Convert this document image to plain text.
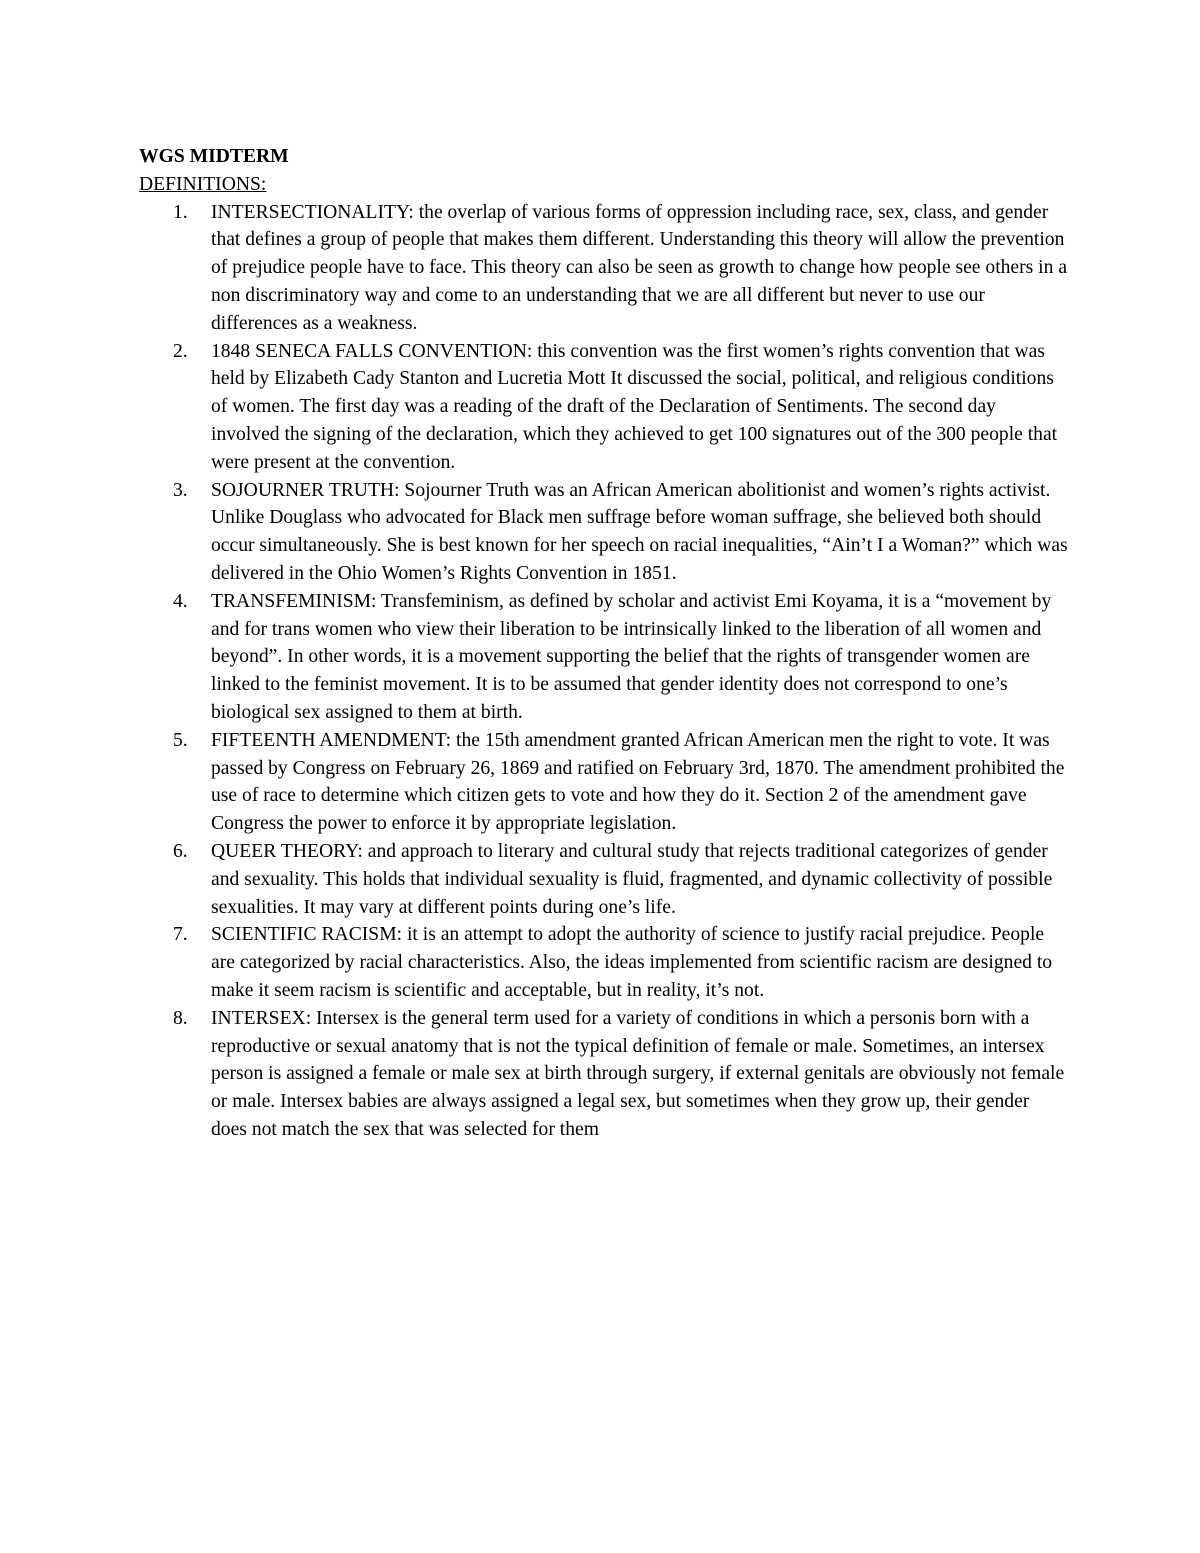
WGS MIDTERM
DEFINITIONS:
1. INTERSECTIONALITY: the overlap of various forms of oppression including race, sex, class, and gender that defines a group of people that makes them different. Understanding this theory will allow the prevention of prejudice people have to face. This theory can also be seen as growth to change how people see others in a non discriminatory way and come to an understanding that we are all different but never to use our differences as a weakness.
2. 1848 SENECA FALLS CONVENTION: this convention was the first women’s rights convention that was held by Elizabeth Cady Stanton and Lucretia Mott It discussed the social, political, and religious conditions of women. The first day was a reading of the draft of the Declaration of Sentiments. The second day involved the signing of the declaration, which they achieved to get 100 signatures out of the 300 people that were present at the convention.
3. SOJOURNER TRUTH: Sojourner Truth was an African American abolitionist and women’s rights activist. Unlike Douglass who advocated for Black men suffrage before woman suffrage, she believed both should occur simultaneously. She is best known for her speech on racial inequalities, “Ain’t I a Woman?” which was delivered in the Ohio Women’s Rights Convention in 1851.
4. TRANSFEMINISM: Transfeminism, as defined by scholar and activist Emi Koyama, it is a “movement by and for trans women who view their liberation to be intrinsically linked to the liberation of all women and beyond”. In other words, it is a movement supporting the belief that the rights of transgender women are linked to the feminist movement. It is to be assumed that gender identity does not correspond to one’s biological sex assigned to them at birth.
5. FIFTEENTH AMENDMENT: the 15th amendment granted African American men the right to vote. It was passed by Congress on February 26, 1869 and ratified on February 3rd, 1870. The amendment prohibited the use of race to determine which citizen gets to vote and how they do it. Section 2 of the amendment gave Congress the power to enforce it by appropriate legislation.
6. QUEER THEORY: and approach to literary and cultural study that rejects traditional categorizes of gender and sexuality. This holds that individual sexuality is fluid, fragmented, and dynamic collectivity of possible sexualities. It may vary at different points during one’s life.
7. SCIENTIFIC RACISM: it is an attempt to adopt the authority of science to justify racial prejudice. People are categorized by racial characteristics. Also, the ideas implemented from scientific racism are designed to make it seem racism is scientific and acceptable, but in reality, it’s not.
8. INTERSEX: Intersex is the general term used for a variety of conditions in which a personis born with a reproductive or sexual anatomy that is not the typical definition of female or male. Sometimes, an intersex person is assigned a female or male sex at birth through surgery, if external genitals are obviously not female or male. Intersex babies are always assigned a legal sex, but sometimes when they grow up, their gender does not match the sex that was selected for them
